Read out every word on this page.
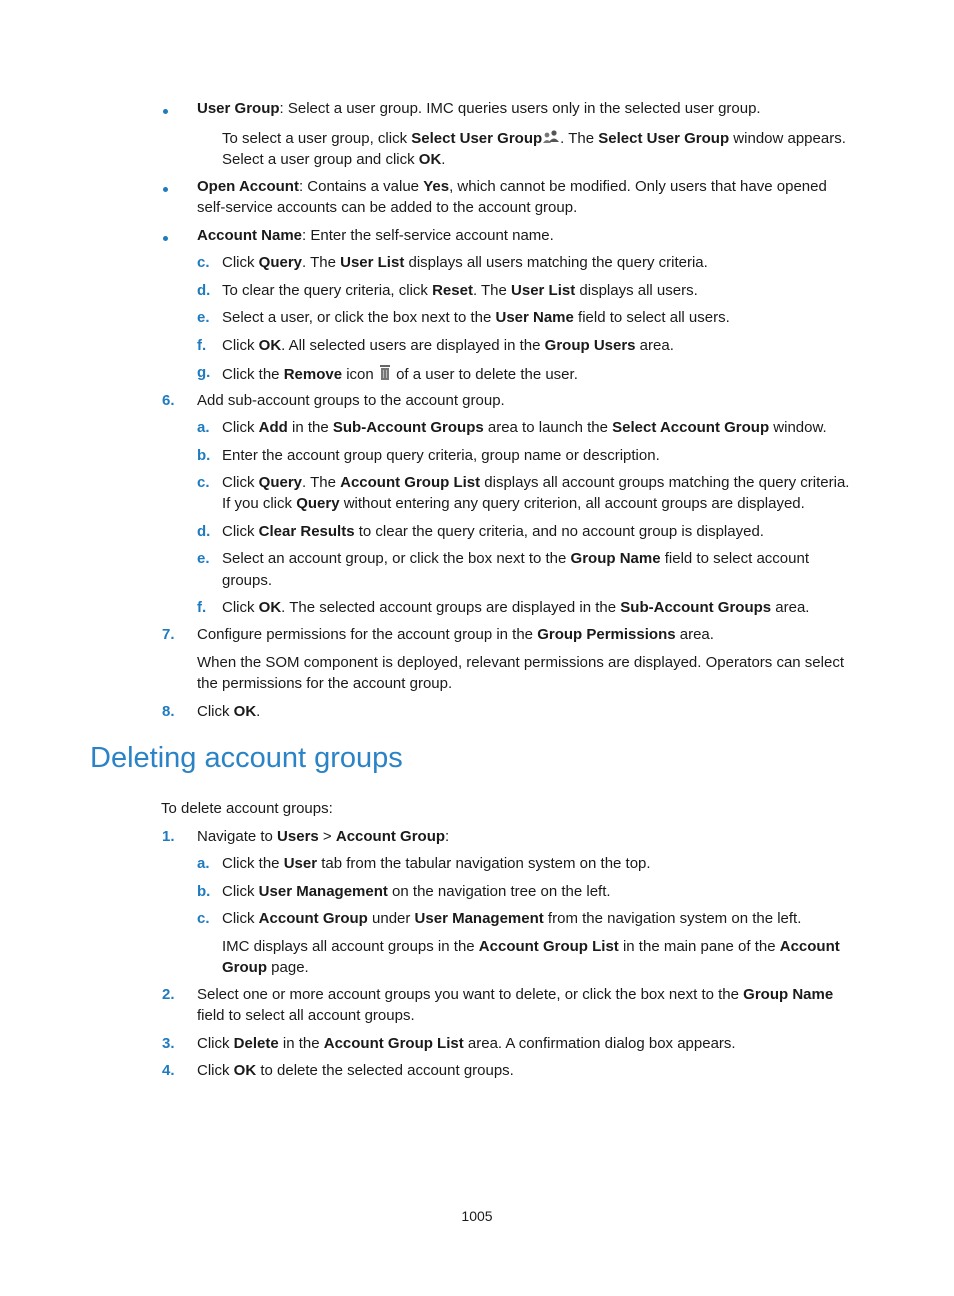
User Group: Select a user group. IMC queries users only in the selected user group.
To select a user group, click Select User Group . The Select User Group window appears.
Select a user group and click OK.
Open Account: Contains a value Yes, which cannot be modified. Only users that have opened
self-service accounts can be added to the account group.
Account Name: Enter the self-service account name.
c. Click Query. The User List displays all users matching the query criteria.
d. To clear the query criteria, click Reset. The User List displays all users.
e. Select a user, or click the box next to the User Name field to select all users.
f. Click OK. All selected users are displayed in the Group Users area.
g. Click the Remove icon  of a user to delete the user.
6. Add sub-account groups to the account group.
a. Click Add in the Sub-Account Groups area to launch the Select Account Group window.
b. Enter the account group query criteria, group name or description.
c. Click Query. The Account Group List displays all account groups matching the query criteria.
If you click Query without entering any query criterion, all account groups are displayed.
d. Click Clear Results to clear the query criteria, and no account group is displayed.
e. Select an account group, or click the box next to the Group Name field to select account
groups.
f. Click OK. The selected account groups are displayed in the Sub-Account Groups area.
7. Configure permissions for the account group in the Group Permissions area.
When the SOM component is deployed, relevant permissions are displayed. Operators can select
the permissions for the account group.
8. Click OK.
Deleting account groups
To delete account groups:
1. Navigate to Users > Account Group:
a. Click the User tab from the tabular navigation system on the top.
b. Click User Management on the navigation tree on the left.
c. Click Account Group under User Management from the navigation system on the left.
IMC displays all account groups in the Account Group List in the main pane of the Account
Group page.
2. Select one or more account groups you want to delete, or click the box next to the Group Name
field to select all account groups.
3. Click Delete in the Account Group List area. A confirmation dialog box appears.
4. Click OK to delete the selected account groups.
1005
